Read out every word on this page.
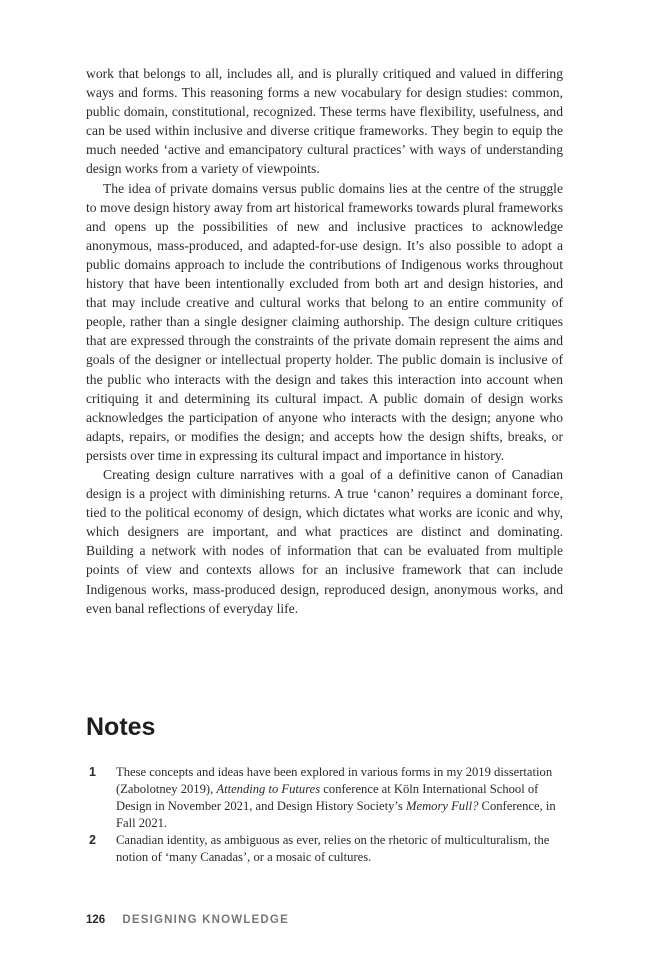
work that belongs to all, includes all, and is plurally critiqued and valued in differing ways and forms. This reasoning forms a new vocabulary for design studies: common, public domain, constitutional, recognized. These terms have flexibility, usefulness, and can be used within inclusive and diverse critique frameworks. They begin to equip the much needed ‘active and emancipatory cultural practices’ with ways of understanding design works from a variety of viewpoints.

The idea of private domains versus public domains lies at the centre of the struggle to move design history away from art historical frameworks towards plural frameworks and opens up the possibilities of new and inclusive practices to acknowledge anonymous, mass-produced, and adapted-for-use design. It’s also possible to adopt a public domains approach to include the contributions of Indigenous works throughout history that have been intentionally excluded from both art and design histories, and that may include creative and cultural works that belong to an entire community of people, rather than a single designer claiming authorship. The design culture critiques that are expressed through the constraints of the private domain represent the aims and goals of the designer or intellectual property holder. The public domain is inclusive of the public who interacts with the design and takes this interaction into account when critiquing it and determining its cultural impact. A public domain of design works acknowledges the participation of anyone who interacts with the design; anyone who adapts, repairs, or modifies the design; and accepts how the design shifts, breaks, or persists over time in expressing its cultural impact and importance in history.

Creating design culture narratives with a goal of a definitive canon of Canadian design is a project with diminishing returns. A true ‘canon’ requires a dominant force, tied to the political economy of design, which dictates what works are iconic and why, which designers are important, and what practices are distinct and dominating. Building a network with nodes of information that can be evaluated from multiple points of view and contexts allows for an inclusive framework that can include Indigenous works, mass-produced design, reproduced design, anonymous works, and even banal reflections of everyday life.

Notes
1 These concepts and ideas have been explored in various forms in my 2019 dissertation (Zabolotney 2019), Attending to Futures conference at Köln International School of Design in November 2021, and Design History Society’s Memory Full? Conference, in Fall 2021.
2 Canadian identity, as ambiguous as ever, relies on the rhetoric of multiculturalism, the notion of ‘many Canadas’, or a mosaic of cultures.
126 DESIGNING KNOWLEDGE
